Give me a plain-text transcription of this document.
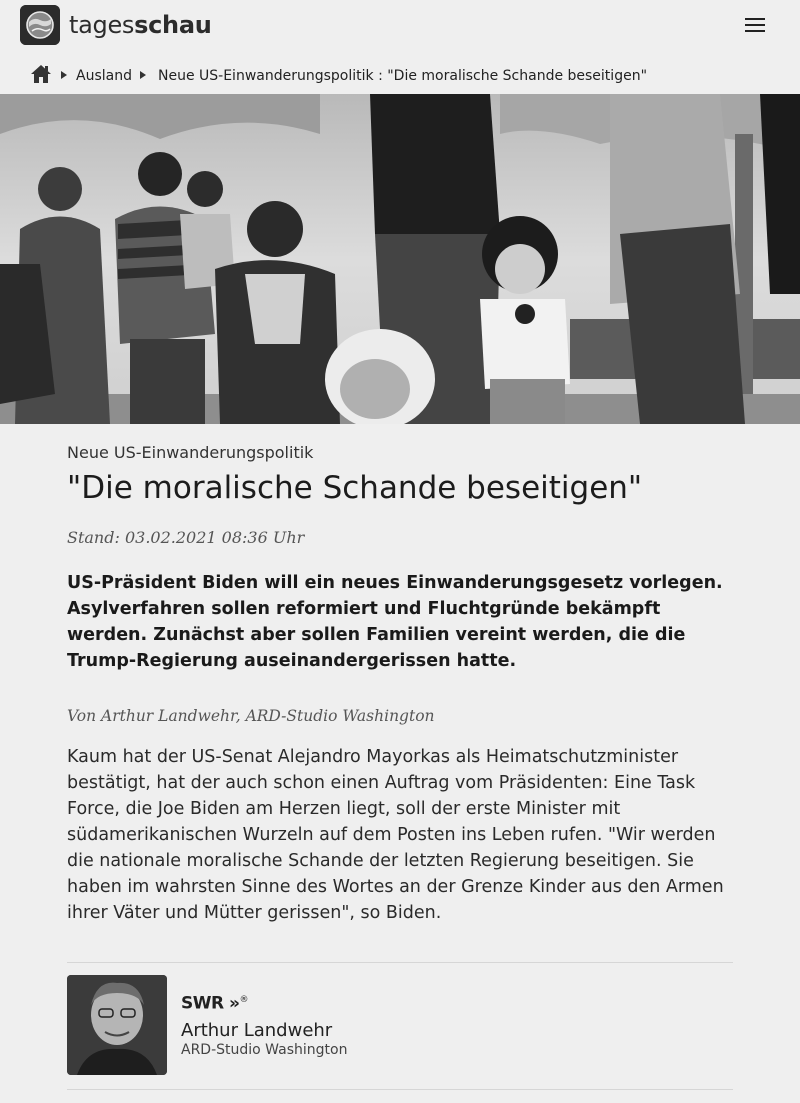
tagesschau
Ausland Neue US-Einwanderungspolitik : "Die moralische Schande beseitigen"
Neue US-Einwanderungspolitik
"Die moralische Schande beseitigen"
Stand: 03.02.2021 08:36 Uhr

US-Präsident Biden will ein neues Einwanderungsgesetz vorlegen. Asylverfahren sollen reformiert und Fluchtgründe bekämpft werden. Zunächst aber sollen Familien vereint werden, die die Trump-Regierung auseinandergerissen hatte.

Von Arthur Landwehr, ARD-Studio Washington

Kaum hat der US-Senat Alejandro Mayorkas als Heimatschutzminister bestätigt, hat der auch schon einen Auftrag vom Präsidenten: Eine Task Force, die Joe Biden am Herzen liegt, soll der erste Minister mit südamerikanischen Wurzeln auf dem Posten ins Leben rufen. "Wir werden die nationale moralische Schande der letzten Regierung beseitigen. Sie haben im wahrsten Sinne des Wortes an der Grenze Kinder aus den Armen ihrer Väter und Mütter gerissen", so Biden.

SWR »®
Arthur Landwehr
ARD-Studio Washington
